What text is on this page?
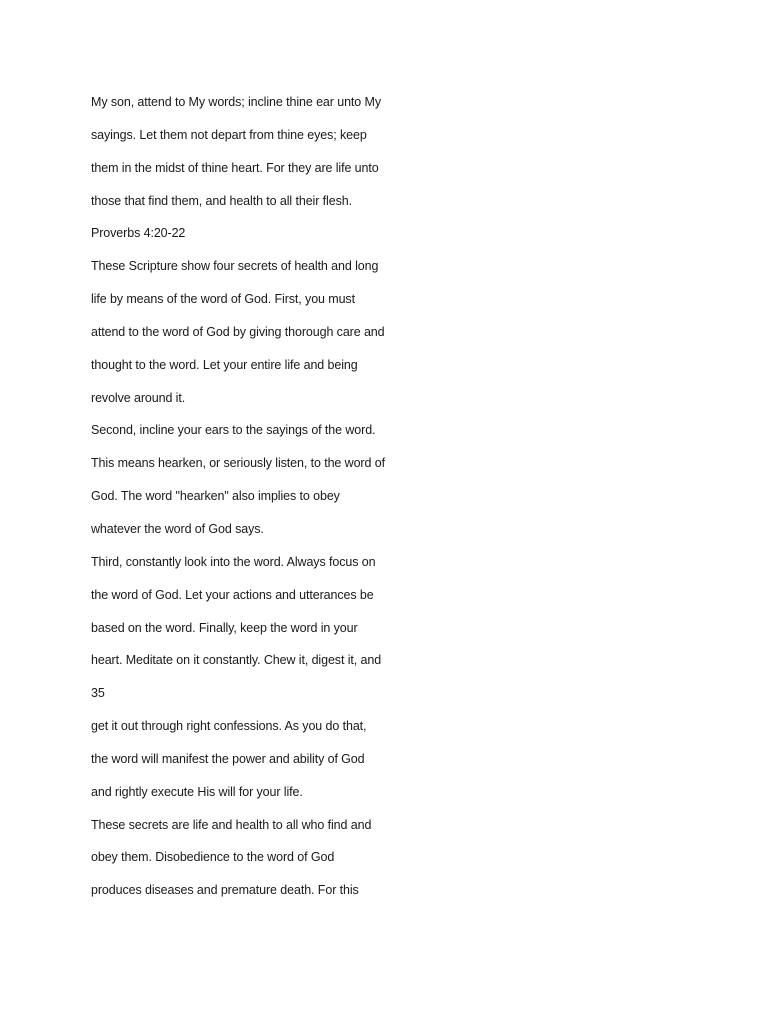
My son, attend to My words; incline thine ear unto My
sayings. Let them not depart from thine eyes; keep
them in the midst of thine heart. For they are life unto
those that find them, and health to all their flesh.
Proverbs 4:20-22
These Scripture show four secrets of health and long
life by means of the word of God. First, you must
attend to the word of God by giving thorough care and
thought to the word. Let your entire life and being
revolve around it.
Second, incline your ears to the sayings of the word.
This means hearken, or seriously listen, to the word of
God. The word "hearken" also implies to obey
whatever the word of God says.
Third, constantly look into the word. Always focus on
the word of God. Let your actions and utterances be
based on the word. Finally, keep the word in your
heart. Meditate on it constantly. Chew it, digest it, and
35
get it out through right confessions. As you do that,
the word will manifest the power and ability of God
and rightly execute His will for your life.
These secrets are life and health to all who find and
obey them. Disobedience to the word of God
produces diseases and premature death. For this
